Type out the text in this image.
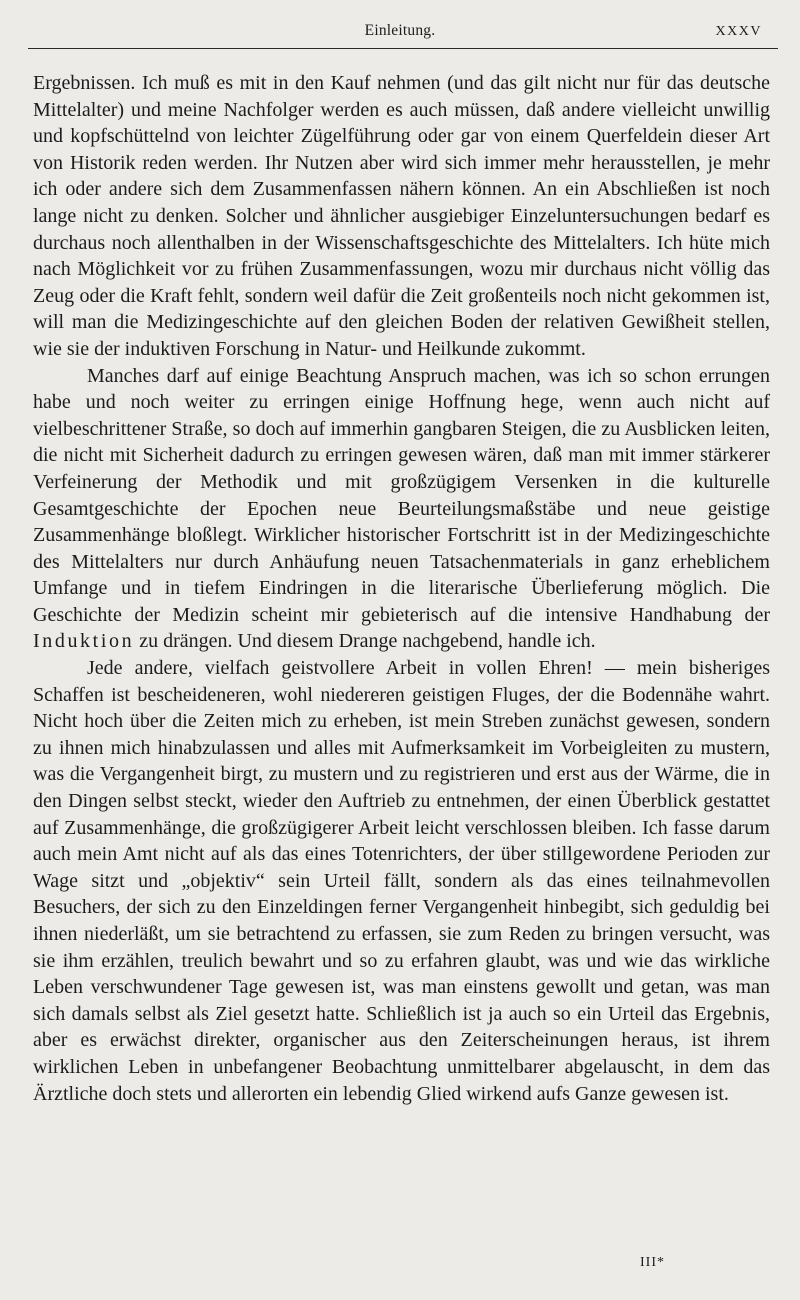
Einleitung.	XXXV

Ergebnissen. Ich muß es mit in den Kauf nehmen (und das gilt nicht nur für das deutsche Mittelalter) und meine Nachfolger werden es auch müssen, daß andere vielleicht unwillig und kopfschüttelnd von leichter Zügelführung oder gar von einem Querfeldein dieser Art von Historik reden werden. Ihr Nutzen aber wird sich immer mehr herausstellen, je mehr ich oder andere sich dem Zusammenfassen nähern können. An ein Abschließen ist noch lange nicht zu denken. Solcher und ähnlicher ausgiebiger Einzeluntersuchungen bedarf es durchaus noch allenthalben in der Wissenschaftsgeschichte des Mittelalters. Ich hüte mich nach Möglichkeit vor zu frühen Zusammenfassungen, wozu mir durchaus nicht völlig das Zeug oder die Kraft fehlt, sondern weil dafür die Zeit großenteils noch nicht gekommen ist, will man die Medizingeschichte auf den gleichen Boden der relativen Gewißheit stellen, wie sie der induktiven Forschung in Natur- und Heilkunde zukommt.

Manches darf auf einige Beachtung Anspruch machen, was ich so schon errungen habe und noch weiter zu erringen einige Hoffnung hege, wenn auch nicht auf vielbeschrittener Straße, so doch auf immerhin gangbaren Steigen, die zu Ausblicken leiten, die nicht mit Sicherheit dadurch zu erringen gewesen wären, daß man mit immer stärkerer Verfeinerung der Methodik und mit großzügigem Versenken in die kulturelle Gesamtgeschichte der Epochen neue Beurteilungsmaßstäbe und neue geistige Zusammenhänge bloßlegt. Wirklicher historischer Fortschritt ist in der Medizingeschichte des Mittelalters nur durch Anhäufung neuen Tatsachenmaterials in ganz erheblichem Umfange und in tiefem Eindringen in die literarische Überlieferung möglich. Die Geschichte der Medizin scheint mir gebieterisch auf die intensive Handhabung der Induktion zu drängen. Und diesem Drange nachgebend, handle ich.

Jede andere, vielfach geistvollere Arbeit in vollen Ehren! — mein bisheriges Schaffen ist bescheideneren, wohl niedereren geistigen Fluges, der die Bodennähe wahrt. Nicht hoch über die Zeiten mich zu erheben, ist mein Streben zunächst gewesen, sondern zu ihnen mich hinabzulassen und alles mit Aufmerksamkeit im Vorbeigleiten zu mustern, was die Vergangenheit birgt, zu mustern und zu registrieren und erst aus der Wärme, die in den Dingen selbst steckt, wieder den Auftrieb zu entnehmen, der einen Überblick gestattet auf Zusammenhänge, die großzügigerer Arbeit leicht verschlossen bleiben. Ich fasse darum auch mein Amt nicht auf als das eines Totenrichters, der über stillgewordene Perioden zur Wage sitzt und „objektiv“ sein Urteil fällt, sondern als das eines teilnahmevollen Besuchers, der sich zu den Einzeldingen ferner Vergangenheit hinbegibt, sich geduldig bei ihnen niederläßt, um sie betrachtend zu erfassen, sie zum Reden zu bringen versucht, was sie ihm erzählen, treulich bewahrt und so zu erfahren glaubt, was und wie das wirkliche Leben verschwundener Tage gewesen ist, was man einstens gewollt und getan, was man sich damals selbst als Ziel gesetzt hatte. Schließlich ist ja auch so ein Urteil das Ergebnis, aber es erwächst direkter, organischer aus den Zeiterscheinungen heraus, ist ihrem wirklichen Leben in unbefangener Beobachtung unmittelbarer abgelauscht, in dem das Ärztliche doch stets und allerorten ein lebendig Glied wirkend aufs Ganze gewesen ist.

III*
